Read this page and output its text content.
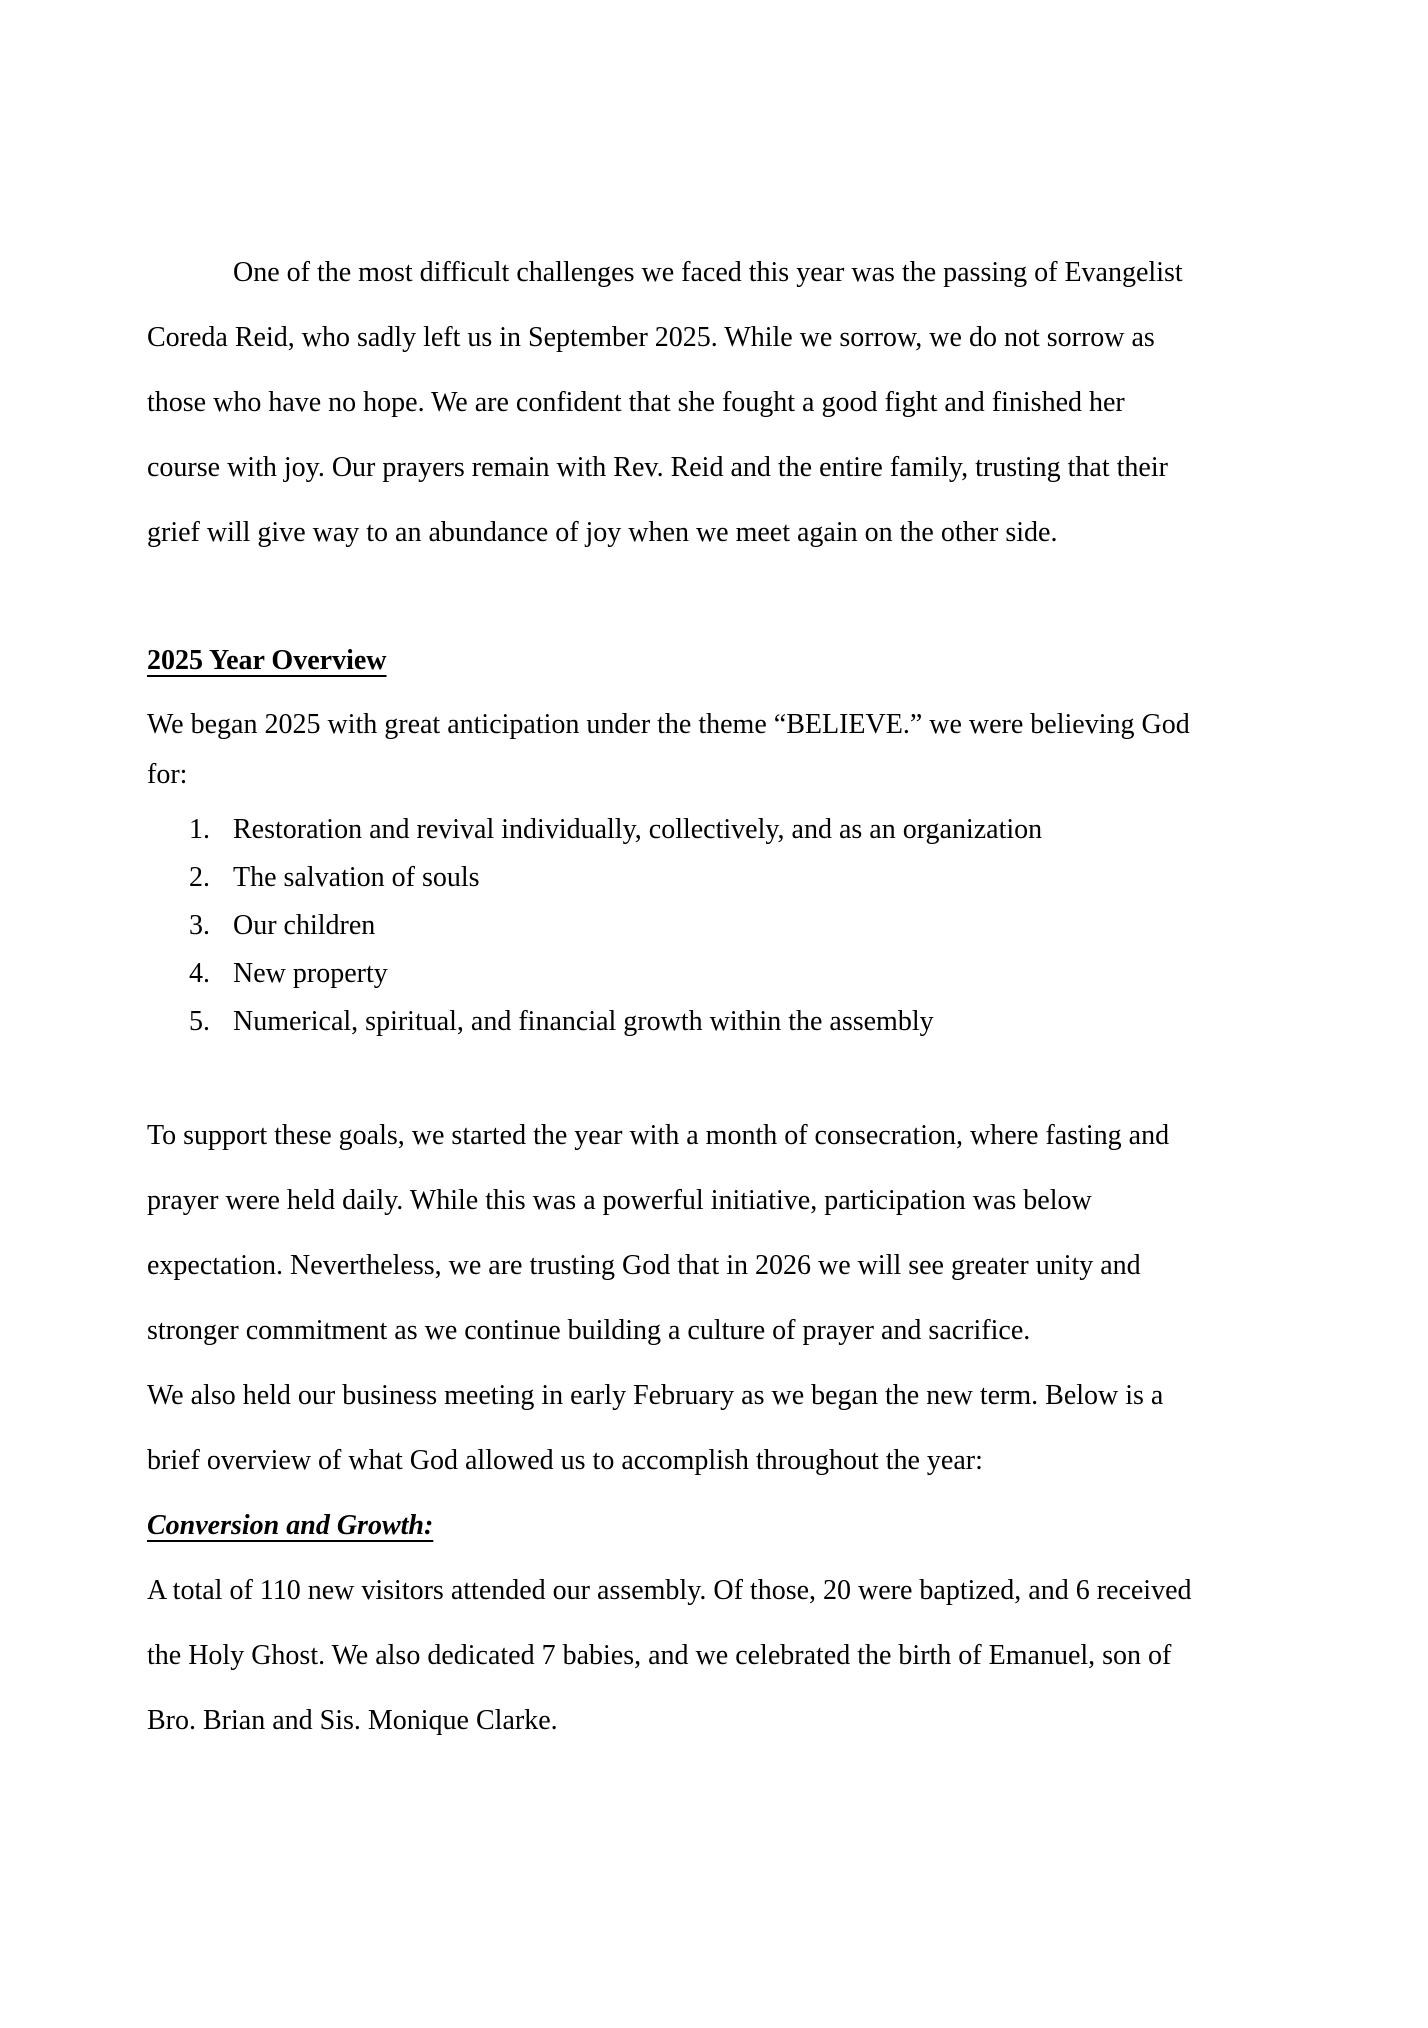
One of the most difficult challenges we faced this year was the passing of Evangelist
Coreda Reid, who sadly left us in September 2025. While we sorrow, we do not sorrow as
those who have no hope. We are confident that she fought a good fight and finished her
course with joy. Our prayers remain with Rev. Reid and the entire family, trusting that their
grief will give way to an abundance of joy when we meet again on the other side.
2025 Year Overview
We began 2025 with great anticipation under the theme “BELIEVE.” we were believing God
for:
1. Restoration and revival individually, collectively, and as an organization
2. The salvation of souls
3. Our children
4. New property
5. Numerical, spiritual, and financial growth within the assembly
To support these goals, we started the year with a month of consecration, where fasting and
prayer were held daily. While this was a powerful initiative, participation was below
expectation. Nevertheless, we are trusting God that in 2026 we will see greater unity and
stronger commitment as we continue building a culture of prayer and sacrifice.
We also held our business meeting in early February as we began the new term. Below is a
brief overview of what God allowed us to accomplish throughout the year:
Conversion and Growth:
A total of 110 new visitors attended our assembly. Of those, 20 were baptized, and 6 received
the Holy Ghost. We also dedicated 7 babies, and we celebrated the birth of Emanuel, son of
Bro. Brian and Sis. Monique Clarke.
